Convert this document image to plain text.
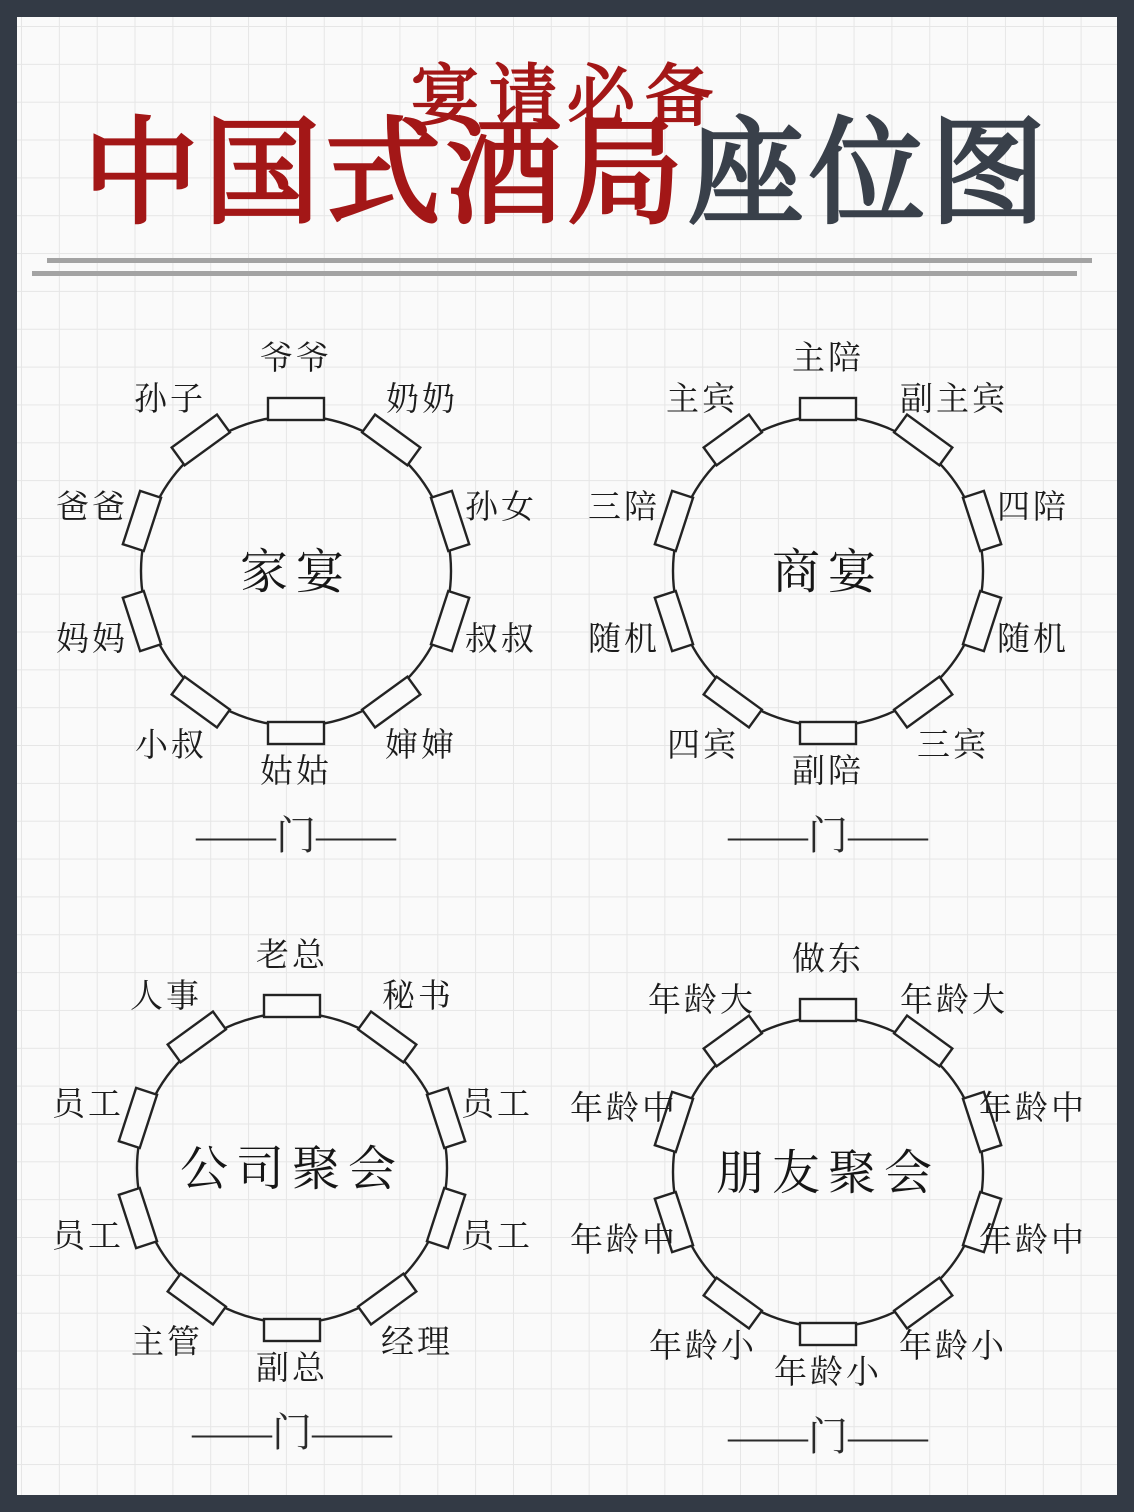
宴请必备
中国式酒局座位图
家宴
爷爷
奶奶
孙女
叔叔
婶婶
姑姑
小叔
妈妈
爸爸
孙子
——门——
商宴
主陪
副主宾
四陪
随机
三宾
副陪
四宾
随机
三陪
主宾
——门——
公司聚会
老总
秘书
员工
员工
经理
副总
主管
员工
员工
人事
——门——
朋友聚会
做东
年龄大
年龄中
年龄中
年龄小
年龄小
年龄小
年龄中
年龄中
年龄大
——门——
